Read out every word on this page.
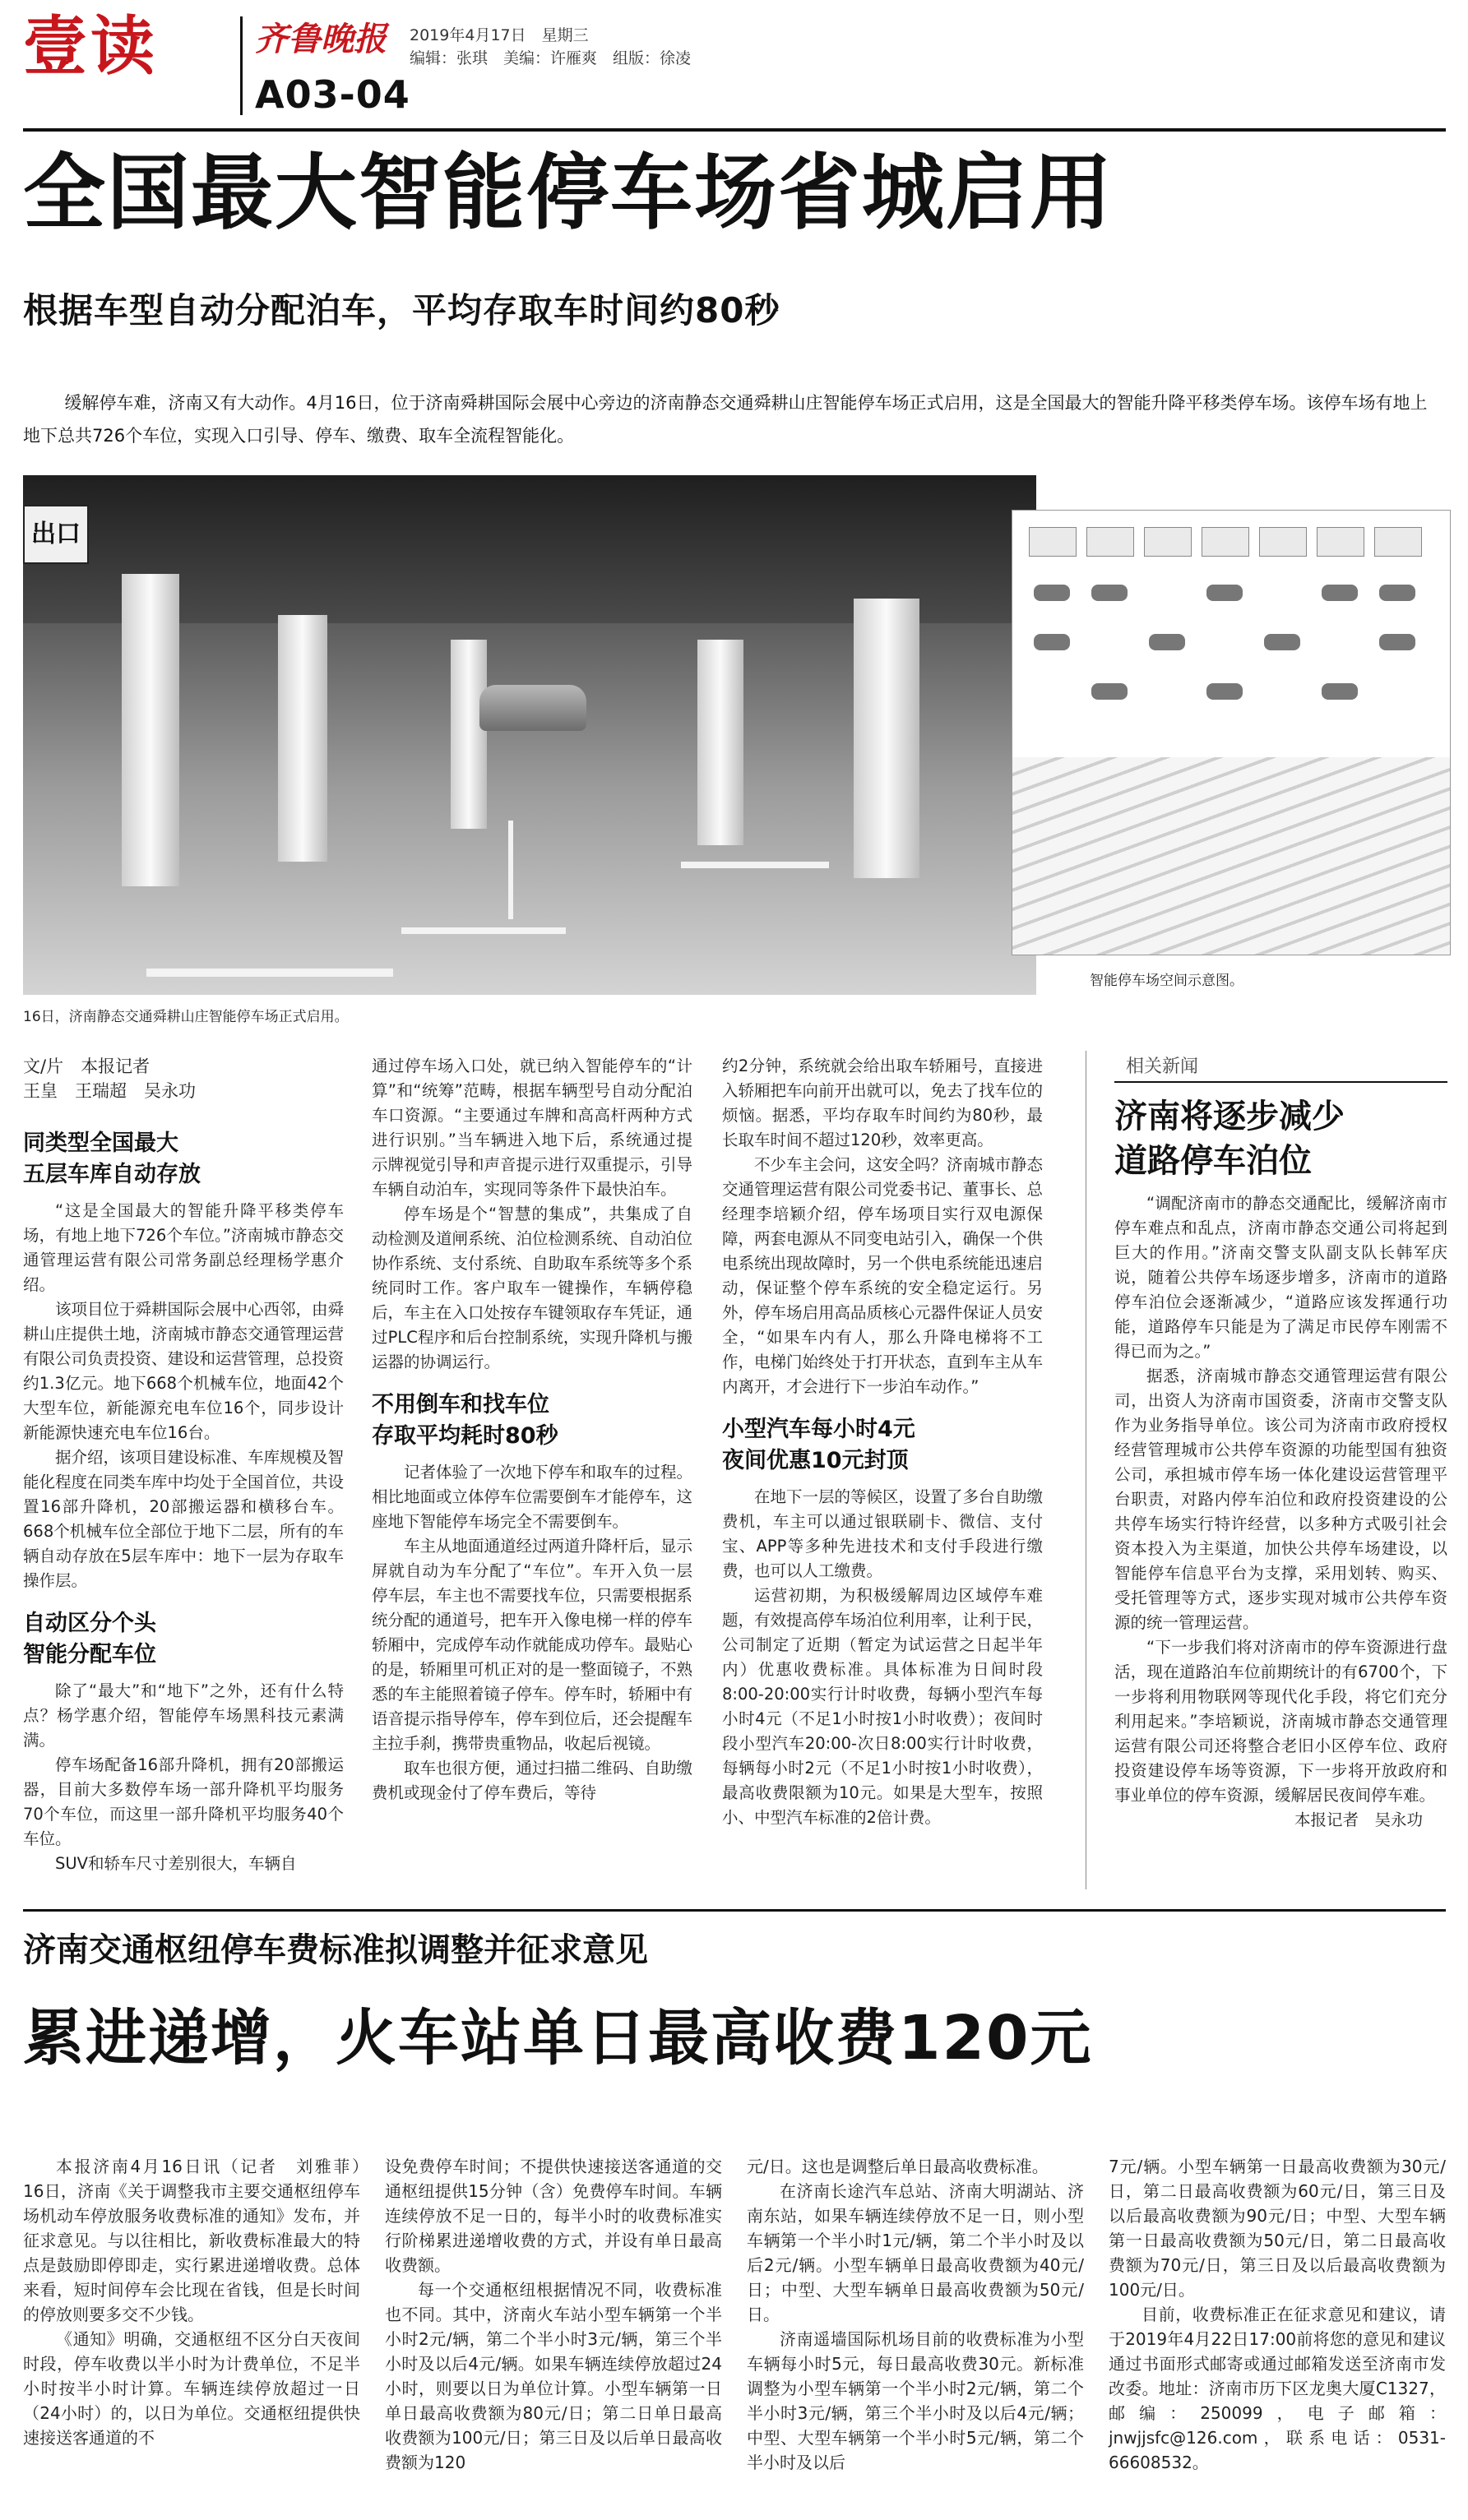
壹读	齐鲁晚报
A03-04
2019年4月17日　星期三
编辑：张琪　美编：许雁爽　组版：徐凌
全国最大智能停车场省城启用
根据车型自动分配泊车，平均存取车时间约80秒
缓解停车难，济南又有大动作。4月16日，位于济南舜耕国际会展中心旁边的济南静态交通舜耕山庄智能停车场正式启用，这是全国最大的智能升降平移类停车场。该停车场有地上地下总共726个车位，实现入口引导、停车、缴费、取车全流程智能化。
出口
16日，济南静态交通舜耕山庄智能停车场正式启用。
智能停车场空间示意图。
文/片　本报记者
王皇　王瑞超　吴永功
同类型全国最大
五层车库自动存放

“这是全国最大的智能升降平移类停车场，有地上地下726个车位。”济南城市静态交通管理运营有限公司常务副总经理杨学惠介绍。

该项目位于舜耕国际会展中心西邻，由舜耕山庄提供土地，济南城市静态交通管理运营有限公司负责投资、建设和运营管理，总投资约1.3亿元。地下668个机械车位，地面42个大型车位，新能源充电车位16个，同步设计新能源快速充电车位16台。

据介绍，该项目建设标准、车库规模及智能化程度在同类车库中均处于全国首位，共设置16部升降机，20部搬运器和横移台车。668个机械车位全部位于地下二层，所有的车辆自动存放在5层车库中：地下一层为存取车操作层。

自动区分个头
智能分配车位

除了“最大”和“地下”之外，还有什么特点？杨学惠介绍，智能停车场黑科技元素满满。

停车场配备16部升降机，拥有20部搬运器，目前大多数停车场一部升降机平均服务70个车位，而这里一部升降机平均服务40个车位。

SUV和轿车尺寸差别很大，车辆自

通过停车场入口处，就已纳入智能停车的“计算”和“统筹”范畴，根据车辆型号自动分配泊车口资源。“主要通过车牌和高高杆两种方式进行识别。”当车辆进入地下后，系统通过提示牌视觉引导和声音提示进行双重提示，引导车辆自动泊车，实现同等条件下最快泊车。

停车场是个“智慧的集成”，共集成了自动检测及道闸系统、泊位检测系统、自动泊位协作系统、支付系统、自助取车系统等多个系统同时工作。客户取车一键操作，车辆停稳后，车主在入口处按存车键领取存车凭证，通过PLC程序和后台控制系统，实现升降机与搬运器的协调运行。

不用倒车和找车位
存取平均耗时80秒

记者体验了一次地下停车和取车的过程。相比地面或立体停车位需要倒车才能停车，这座地下智能停车场完全不需要倒车。

车主从地面通道经过两道升降杆后，显示屏就自动为车分配了“车位”。车开入负一层停车层，车主也不需要找车位，只需要根据系统分配的通道号，把车开入像电梯一样的停车轿厢中，完成停车动作就能成功停车。最贴心的是，轿厢里可机正对的是一整面镜子，不熟悉的车主能照着镜子停车。停车时，轿厢中有语音提示指导停车，停车到位后，还会提醒车主拉手刹，携带贵重物品，收起后视镜。

取车也很方便，通过扫描二维码、自助缴费机或现金付了停车费后，等待

约2分钟，系统就会给出取车轿厢号，直接进入轿厢把车向前开出就可以，免去了找车位的烦恼。据悉，平均存取车时间约为80秒，最长取车时间不超过120秒，效率更高。

不少车主会问，这安全吗？济南城市静态交通管理运营有限公司党委书记、董事长、总经理李培颖介绍，停车场项目实行双电源保障，两套电源从不同变电站引入，确保一个供电系统出现故障时，另一个供电系统能迅速启动，保证整个停车系统的安全稳定运行。另外，停车场启用高品质核心元器件保证人员安全，“如果车内有人，那么升降电梯将不工作，电梯门始终处于打开状态，直到车主从车内离开，才会进行下一步泊车动作。”

小型汽车每小时4元
夜间优惠10元封顶

在地下一层的等候区，设置了多台自助缴费机，车主可以通过银联刷卡、微信、支付宝、APP等多种先进技术和支付手段进行缴费，也可以人工缴费。

运营初期，为积极缓解周边区域停车难题，有效提高停车场泊位利用率，让利于民，公司制定了近期（暂定为试运营之日起半年内）优惠收费标准。具体标准为日间时段8:00-20:00实行计时收费，每辆小型汽车每小时4元（不足1小时按1小时收费）；夜间时段小型汽车20:00-次日8:00实行计时收费，每辆每小时2元（不足1小时按1小时收费），最高收费限额为10元。如果是大型车，按照小、中型汽车标准的2倍计费。

相关新闻
济南将逐步减少
道路停车泊位

“调配济南市的静态交通配比，缓解济南市停车难点和乱点，济南市静态交通公司将起到巨大的作用。”济南交警支队副支队长韩军庆说，随着公共停车场逐步增多，济南市的道路停车泊位会逐渐减少，“道路应该发挥通行功能，道路停车只能是为了满足市民停车刚需不得已而为之。”

据悉，济南城市静态交通管理运营有限公司，出资人为济南市国资委，济南市交警支队作为业务指导单位。该公司为济南市政府授权经营管理城市公共停车资源的功能型国有独资公司，承担城市停车场一体化建设运营管理平台职责，对路内停车泊位和政府投资建设的公共停车场实行特许经营，以多种方式吸引社会资本投入为主渠道，加快公共停车场建设，以智能停车信息平台为支撑，采用划转、购买、受托管理等方式，逐步实现对城市公共停车资源的统一管理运营。

“下一步我们将对济南市的停车资源进行盘活，现在道路泊车位前期统计的有6700个，下一步将利用物联网等现代化手段，将它们充分利用起来。”李培颖说，济南城市静态交通管理运营有限公司还将整合老旧小区停车位、政府投资建设停车场等资源，下一步将开放政府和事业单位的停车资源，缓解居民夜间停车难。

本报记者　吴永功

济南交通枢纽停车费标准拟调整并征求意见
累进递增，火车站单日最高收费120元

本报济南4月16日讯（记者　刘雅菲）　16日，济南《关于调整我市主要交通枢纽停车场机动车停放服务收费标准的通知》发布，并征求意见。与以往相比，新收费标准最大的特点是鼓励即停即走，实行累进递增收费。总体来看，短时间停车会比现在省钱，但是长时间的停放则要多交不少钱。

《通知》明确，交通枢纽不区分白天夜间时段，停车收费以半小时为计费单位，不足半小时按半小时计算。车辆连续停放超过一日（24小时）的，以日为单位。交通枢纽提供快速接送客通道的不

设免费停车时间；不提供快速接送客通道的交通枢纽提供15分钟（含）免费停车时间。车辆连续停放不足一日的，每半小时的收费标准实行阶梯累进递增收费的方式，并设有单日最高收费额。

每一个交通枢纽根据情况不同，收费标准也不同。其中，济南火车站小型车辆第一个半小时2元/辆，第二个半小时3元/辆，第三个半小时及以后4元/辆。如果车辆连续停放超过24小时，则要以日为单位计算。小型车辆第一日单日最高收费额为80元/日；第二日单日最高收费额为100元/日；第三日及以后单日最高收费额为120

元/日。这也是调整后单日最高收费标准。

在济南长途汽车总站、济南大明湖站、济南东站，如果车辆连续停放不足一日，则小型车辆第一个半小时1元/辆，第二个半小时及以后2元/辆。小型车辆单日最高收费额为40元/日；中型、大型车辆单日最高收费额为50元/日。

济南遥墙国际机场目前的收费标准为小型车辆每小时5元，每日最高收费30元。新标准调整为小型车辆第一个半小时2元/辆，第二个半小时3元/辆，第三个半小时及以后4元/辆；中型、大型车辆第一个半小时5元/辆，第二个半小时及以后

7元/辆。小型车辆第一日最高收费额为30元/日，第二日最高收费额为60元/日，第三日及以后最高收费额为90元/日；中型、大型车辆第一日最高收费额为50元/日，第二日最高收费额为70元/日，第三日及以后最高收费额为100元/日。

目前，收费标准正在征求意见和建议，请于2019年4月22日17:00前将您的意见和建议通过书面形式邮寄或通过邮箱发送至济南市发改委。地址：济南市历下区龙奥大厦C1327，邮编：250099，电子邮箱：jnwjjsfc@126.com，联系电话：0531-66608532。
